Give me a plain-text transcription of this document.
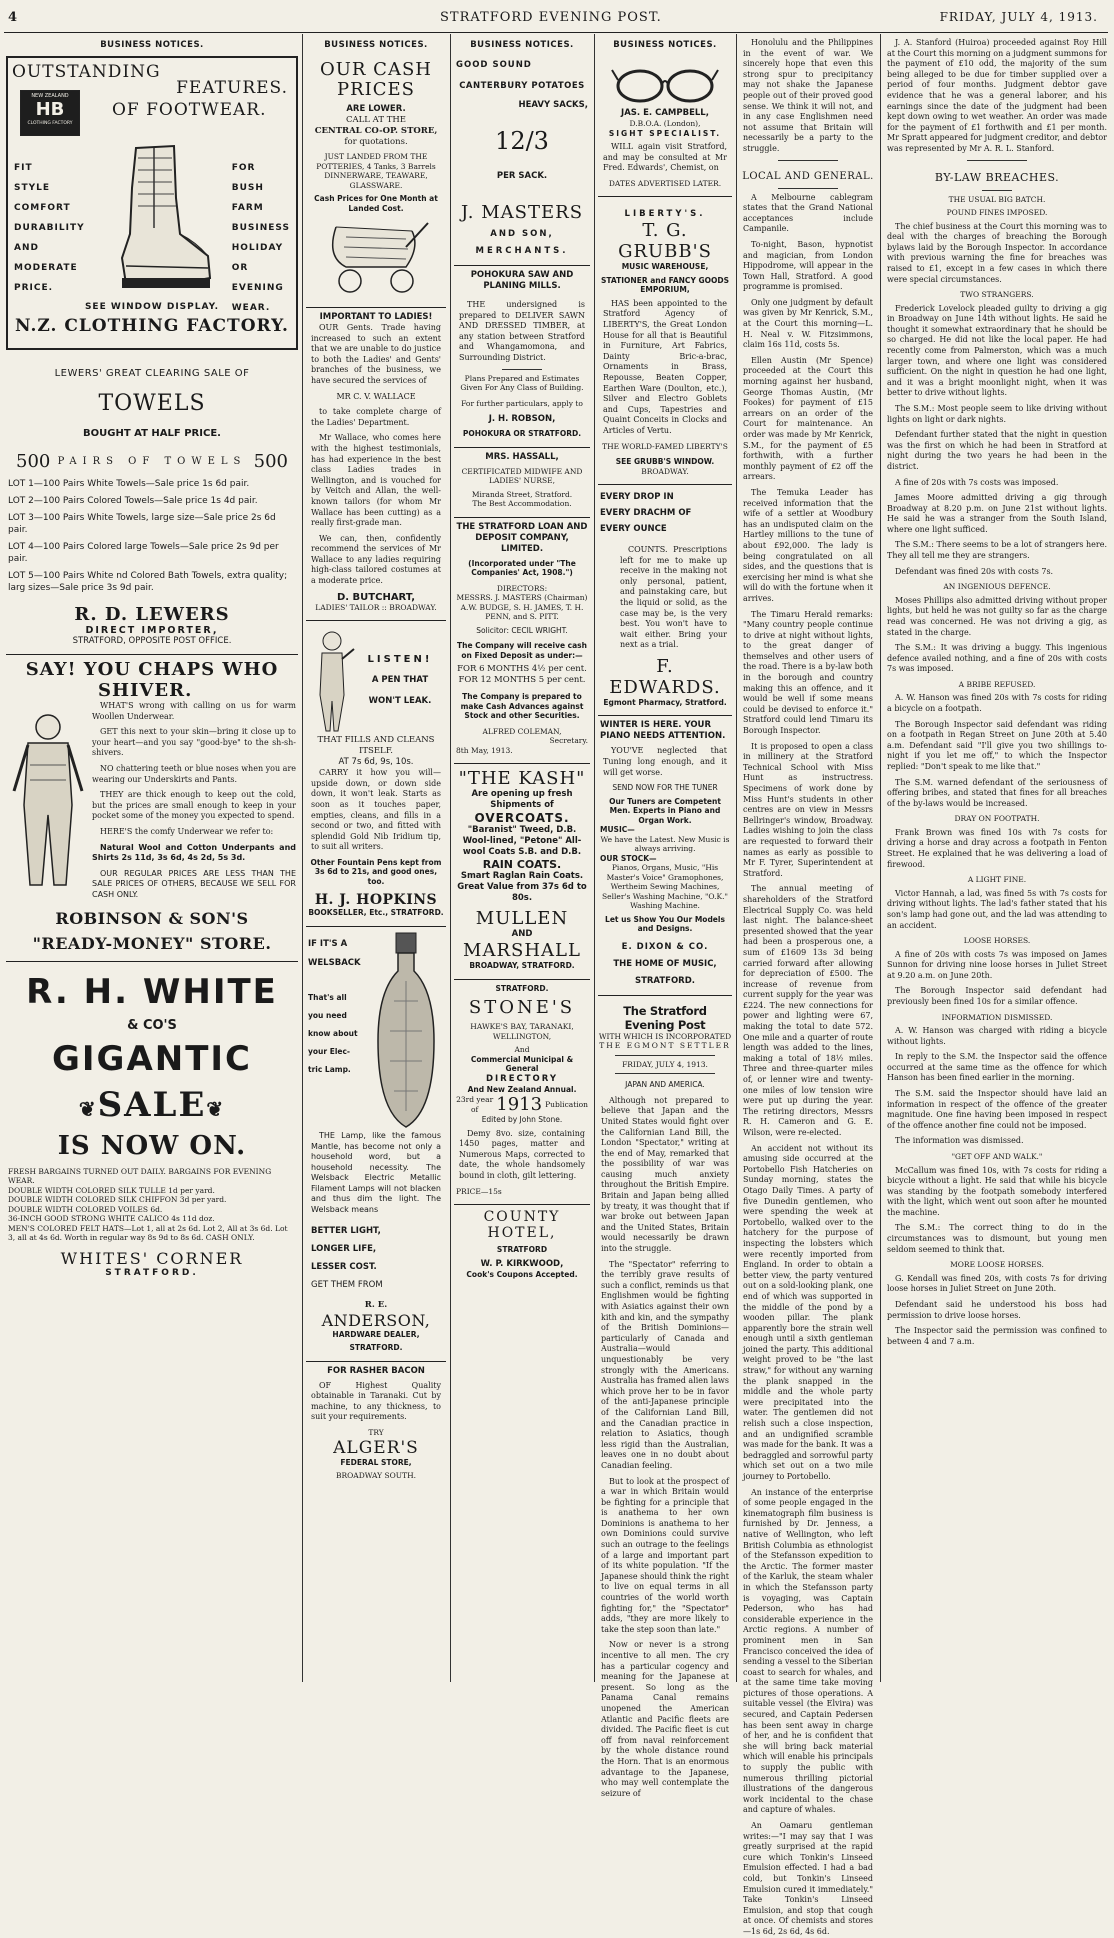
4	STRATFORD EVENING POST.	FRIDAY, JULY 4, 1913.
BUSINESS NOTICES.
OUTSTANDING
FEATURES.
OF FOOTWEAR.
NEW ZEALAND
HB
CLOTHING FACTORY
FIT
STYLE
COMFORT
DURABILITY
AND
MODERATE
PRICE.
FOR
BUSH
FARM
BUSINESS
HOLIDAY
OR
EVENING
WEAR.
SEE WINDOW DISPLAY.
N.Z. CLOTHING FACTORY.
LEWERS' GREAT CLEARING SALE OF
TOWELS
BOUGHT AT HALF PRICE.
500 PAIRS OF TOWELS 500
LOT 1—100 Pairs White Towels—Sale price 1s 6d pair.
LOT 2—100 Pairs Colored Towels—Sale price 1s 4d pair.
LOT 3—100 Pairs White Towels, large size—Sale price 2s 6d pair.
LOT 4—100 Pairs Colored large Towels—Sale price 2s 9d per pair.
LOT 5—100 Pairs White nd Colored Bath Towels, extra quality; larg sizes—Sale price 3s 9d pair.
R. D. LEWERS
DIRECT IMPORTER,
STRATFORD, OPPOSITE POST OFFICE.
SAY! YOU CHAPS WHO
SHIVER.

WHAT'S wrong with calling on us for warm Woollen Underwear.

GET this next to your skin—bring it close up to your heart—and you say "good-bye" to the sh-sh-shivers.

NO chattering teeth or blue noses when you are wearing our Underskirts and Pants.

THEY are thick enough to keep out the cold, but the prices are small enough to keep in your pocket some of the money you expected to spend.

HERE'S the comfy Underwear we refer to:

Natural Wool and Cotton Underpants and Shirts 2s 11d, 3s 6d, 4s 2d, 5s 3d.

OUR REGULAR PRICES ARE LESS THAN THE SALE PRICES OF OTHERS, BECAUSE WE SELL FOR CASH ONLY.

ROBINSON & SON'S
"READY-MONEY" STORE.
R. H. WHITE
& CO'S
GIGANTIC
❦SALE❦
IS NOW ON.
FRESH BARGAINS TURNED OUT DAILY. BARGAINS FOR EVENING WEAR.
DOUBLE WIDTH COLORED SILK TULLE 1d per yard.
DOUBLE WIDTH COLORED SILK CHIFFON 3d per yard.
DOUBLE WIDTH COLORED VOILES 6d.
36-INCH GOOD STRONG WHITE CALICO 4s 11d doz.
MEN'S COLORED FELT HATS—Lot 1, all at 2s 6d. Lot 2, All at 3s 6d. Lot 3, all at 4s 6d. Worth in regular way 8s 9d to 8s 6d. CASH ONLY.
WHITES' CORNER
STRATFORD.
BUSINESS NOTICES.
OUR CASH PRICES
ARE LOWER.
CALL AT THE
CENTRAL CO-OP. STORE,
for quotations.
JUST LANDED FROM THE POTTERIES, 4 Tanks, 3 Barrels DINNERWARE, TEAWARE, GLASSWARE.
Cash Prices for One Month at Landed Cost.
IMPORTANT TO LADIES!

OUR Gents. Trade having increased to such an extent that we are unable to do justice to both the Ladies' and Gents' branches of the business, we have secured the services of

MR C. V. WALLACE

to take complete charge of the Ladies' Department.

Mr Wallace, who comes here with the highest testimonials, has had experience in the best class Ladies trades in Wellington, and is vouched for by Veitch and Allan, the well-known tailors (for whom Mr Wallace has been cutting) as a really first-grade man.

We can, then, confidently recommend the services of Mr Wallace to any ladies requiring high-class tailored costumes at a moderate price.

D. BUTCHART,
LADIES' TAILOR :: BROADWAY.
LISTEN!
A PEN THAT
WON'T LEAK.
THAT FILLS AND CLEANS ITSELF.
AT 7s 6d, 9s, 10s.

CARRY it how you will—upside down, or down side down, it won't leak. Starts as soon as it touches paper, empties, cleans, and fills in a second or two, and fitted with splendid Gold Nib Iridium tip, to suit all writers.

Other Fountain Pens kept from 3s 6d to 21s, and good ones, too.
H. J. HOPKINS
BOOKSELLER, Etc., STRATFORD.
IF IT'S A
WELSBACK
That's all
you need
know about
your Elec-
tric Lamp.

THE Lamp, like the famous Mantle, has become not only a household word, but a household necessity. The Welsback Electric Metallic Filament Lamps will not blacken and thus dim the light. The Welsback means

BETTER LIGHT,
LONGER LIFE,
LESSER COST.
GET THEM FROM
R. E.
ANDERSON,
HARDWARE DEALER,
STRATFORD.
FOR RASHER BACON

OF Highest Quality obtainable in Taranaki. Cut by machine, to any thickness, to suit your requirements.

TRY
ALGER'S
FEDERAL STORE,
BROADWAY SOUTH.
BUSINESS NOTICES.
GOOD SOUND
CANTERBURY POTATOES
HEAVY SACKS,
12/3
PER SACK.
J. MASTERS
AND SON,
MERCHANTS.
POHOKURA SAW AND PLANING MILLS.

THE undersigned is prepared to DELIVER SAWN AND DRESSED TIMBER, at any station between Stratford and Whangamomona, and Surrounding District.

Plans Prepared and Estimates Given For Any Class of Building.
For further particulars, apply to
J. H. ROBSON,
POHOKURA OR STRATFORD.
MRS. HASSALL,
CERTIFICATED MIDWIFE AND LADIES' NURSE,
Miranda Street, Stratford.
The Best Accommodation.
THE STRATFORD LOAN AND DEPOSIT COMPANY, LIMITED.
(Incorporated under "The Companies' Act, 1908.")
DIRECTORS:
MESSRS. J. MASTERS (Chairman) A.W. BUDGE, S. H. JAMES, T. H. PENN, and S. PITT.
Solicitor: CECIL WRIGHT.
The Company will receive cash on Fixed Deposit as under:—
FOR 6 MONTHS 4½ per cent.
FOR 12 MONTHS 5 per cent.
The Company is prepared to make Cash Advances against Stock and other Securities.
ALFRED COLEMAN,
Secretary.
8th May, 1913.
"THE KASH"
Are opening up fresh Shipments of
OVERCOATS.
"Baranist" Tweed, D.B. Wool-lined, "Petone" All-wool Coats S.B. and D.B.
RAIN COATS.
Smart Raglan Rain Coats. Great Value from 37s 6d to 80s.
MULLEN
AND
MARSHALL
BROADWAY, STRATFORD.
STRATFORD.
STONE'S
HAWKE'S BAY, TARANAKI, WELLINGTON,
And
Commercial Municipal & General
DIRECTORY
And New Zealand Annual.
23rd year of	1913 Publication
Edited by John Stone.

Demy 8vo. size, containing 1450 pages, matter and Numerous Maps, corrected to date, the whole handsomely bound in cloth, gilt lettering.

PRICE—15s
COUNTY HOTEL,
STRATFORD
W. P. KIRKWOOD,
Cook's Coupons Accepted.
BUSINESS NOTICES.
JAS. E. CAMPBELL,
D.B.O.A. (London),
SIGHT SPECIALIST.

WILL again visit Stratford, and may be consulted at Mr Fred. Edwards', Chemist, on

DATES ADVERTISED LATER.
LIBERTY'S.
T. G. GRUBB'S
MUSIC WAREHOUSE,
STATIONER and FANCY GOODS EMPORIUM,

HAS been appointed to the Stratford Agency of LIBERTY'S, the Great London House for all that is Beautiful in Furniture, Art Fabrics, Dainty Bric-a-brac, Ornaments in Brass, Repousse, Beaten Copper, Earthen Ware (Doulton, etc.), Silver and Electro Goblets and Cups, Tapestries and Quaint Conceits in Clocks and Articles of Vertu.

THE WORLD-FAMED LIBERTY'S
SEE GRUBB'S WINDOW.
BROADWAY.
EVERY DROP IN
EVERY DRACHM OF
EVERY OUNCE

COUNTS. Prescriptions left for me to make up receive in the making not only personal, patient, and painstaking care, but the liquid or solid, as the case may be, is the very best. You won't have to wait either. Bring your next as a trial.

F. EDWARDS.
Egmont Pharmacy, Stratford.
WINTER IS HERE. YOUR PIANO NEEDS ATTENTION.

YOU'VE neglected that Tuning long enough, and it will get worse.

SEND NOW FOR THE TUNER
Our Tuners are Competent Men. Experts in Piano and Organ Work.
MUSIC—
We have the Latest. New Music is always arriving.
OUR STOCK—
Pianos, Organs, Music, "His Master's Voice" Gramophones, Wertheim Sewing Machines, Seller's Washing Machine, "O.K." Washing Machine.
Let us Show You Our Models and Designs.
E. DIXON & CO.
THE HOME OF MUSIC,
STRATFORD.
The Stratford Evening Post
WITH WHICH IS INCORPORATED
THE EGMONT SETTLER
FRIDAY, JULY 4, 1913.
JAPAN AND AMERICA.

Although not prepared to believe that Japan and the United States would fight over the Californian Land Bill, the London "Spectator," writing at the end of May, remarked that the possibility of war was causing much anxiety throughout the British Empire. Britain and Japan being allied by treaty, it was thought that if war broke out between Japan and the United States, Britain would necessarily be drawn into the struggle.

The "Spectator" referring to the terribly grave results of such a conflict, reminds us that Englishmen would be fighting with Asiatics against their own kith and kin, and the sympathy of the British Dominions—particularly of Canada and Australia—would unquestionably be very strongly with the Americans. Australia has framed alien laws which prove her to be in favor of the anti-Japanese principle of the Californian Land Bill, and the Canadian practice in relation to Asiatics, though less rigid than the Australian, leaves one in no doubt about Canadian feeling.

But to look at the prospect of a war in which Britain would be fighting for a principle that is anathema to her own Dominions is anathema to her own Dominions could survive such an outrage to the feelings of a large and important part of its white population. "If the Japanese should think the right to live on equal terms in all countries of the world worth fighting for," the "Spectator" adds, "they are more likely to take the step soon than late."

Now or never is a strong incentive to all men. The cry has a particular cogency and meaning for the Japanese at present. So long as the Panama Canal remains unopened the American Atlantic and Pacific fleets are divided. The Pacific fleet is cut off from naval reinforcement by the whole distance round the Horn. That is an enormous advantage to the Japanese, who may well contemplate the seizure of

Honolulu and the Philippines in the event of war. We sincerely hope that even this strong spur to precipitancy may not shake the Japanese people out of their proved good sense. We think it will not, and in any case Englishmen need not assume that Britain will necessarily be a party to the struggle.

LOCAL AND GENERAL.

A Melbourne cablegram states that the Grand National acceptances include Campanile.

To-night, Bason, hypnotist and magician, from London Hippodrome, will appear in the Town Hall, Stratford. A good programme is promised.

Only one judgment by default was given by Mr Kenrick, S.M., at the Court this morning—L. H. Neal v. W. Fitzsimmons, claim 16s 11d, costs 5s.

Ellen Austin (Mr Spence) proceeded at the Court this morning against her husband, George Thomas Austin, (Mr Fookes) for payment of £15 arrears on an order of the Court for maintenance. An order was made by Mr Kenrick, S.M., for the payment of £5 forthwith, with a further monthly payment of £2 off the arrears.

The Temuka Leader has received information that the wife of a settler at Woodbury has an undisputed claim on the Hartley millions to the tune of about £92,000. The lady is being congratulated on all sides, and the questions that is exercising her mind is what she will do with the fortune when it arrives.

The Timaru Herald remarks: "Many country people continue to drive at night without lights, to the great danger of themselves and other users of the road. There is a by-law both in the borough and country making this an offence, and it would be well if some means could be devised to enforce it." Stratford could lend Timaru its Borough Inspector.

It is proposed to open a class in millinery at the Stratford Technical School with Miss Hunt as instructress. Specimens of work done by Miss Hunt's students in other centres are on view in Messrs Bellringer's window, Broadway. Ladies wishing to join the class are requested to forward their names as early as possible to Mr F. Tyrer, Superintendent at Stratford.

The annual meeting of shareholders of the Stratford Electrical Supply Co. was held last night. The balance-sheet presented showed that the year had been a prosperous one, a sum of £1609 13s 3d being carried forward after allowing for depreciation of £500. The increase of revenue from current supply for the year was £224. The new connections for power and lighting were 67, making the total to date 572. One mile and a quarter of route length was added to the lines, making a total of 18½ miles. Three and three-quarter miles of, or lenner wire and twenty-one miles of low tension wire were put up during the year. The retiring directors, Messrs R. H. Cameron and G. E. Wilson, were re-elected.

An accident not without its amusing side occurred at the Portobello Fish Hatcheries on Sunday morning, states the Otago Daily Times. A party of five Dunedin gentlemen, who were spending the week at Portobello, walked over to the hatchery for the purpose of inspecting the lobsters which were recently imported from England. In order to obtain a better view, the party ventured out on a sold-looking plank, one end of which was supported in the middle of the pond by a wooden pillar. The plank apparently bore the strain well enough until a sixth gentleman joined the party. This additional weight proved to be "the last straw," for without any warning the plank snapped in the middle and the whole party were precipitated into the water. The gentlemen did not relish such a close inspection, and an undignified scramble was made for the bank. It was a bedraggled and sorrowful party which set out on a two mile journey to Portobello.

An instance of the enterprise of some people engaged in the kinematograph film business is furnished by Dr. Jenness, a native of Wellington, who left British Columbia as ethnologist of the Stefansson expedition to the Arctic. The former master of the Karluk, the steam whaler in which the Stefansson party is voyaging, was Captain Pederson, who has had considerable experience in the Arctic regions. A number of prominent men in San Francisco conceived the idea of sending a vessel to the Siberian coast to search for whales, and at the same time take moving pictures of those operations. A suitable vessel (the Elvira) was secured, and Captain Pedersen has been sent away in charge of her, and he is confident that she will bring back material which will enable his principals to supply the public with numerous thrilling pictorial illustrations of the dangerous work incidental to the chase and capture of whales.

An Oamaru gentleman writes:—"I may say that I was greatly surprised at the rapid cure which Tonkin's Linseed Emulsion effected. I had a bad cold, but Tonkin's Linseed Emulsion cured it immediately." Take Tonkin's Linseed Emulsion, and stop that cough at once. Of chemists and stores—1s 6d, 2s 6d, 4s 6d.

J. A. Stanford (Huiroa) proceeded against Roy Hill at the Court this morning on a judgment summons for the payment of £10 odd, the majority of the sum being alleged to be due for timber supplied over a period of four months. Judgment debtor gave evidence that he was a general laborer, and his earnings since the date of the judgment had been kept down owing to wet weather. An order was made for the payment of £1 forthwith and £1 per month. Mr Spratt appeared for judgment creditor, and debtor was represented by Mr A. R. L. Stanford.

BY-LAW BREACHES.
THE USUAL BIG BATCH.
POUND FINES IMPOSED.

The chief business at the Court this morning was to deal with the charges of breaching the Borough bylaws laid by the Borough Inspector. In accordance with previous warning the fine for breaches was raised to £1, except in a few cases in which there were special circumstances.

TWO STRANGERS.

Frederick Lovelock pleaded guilty to driving a gig in Broadway on June 14th without lights. He said he thought it somewhat extraordinary that he should be so charged. He did not like the local paper. He had recently come from Palmerston, which was a much larger town, and where one light was considered sufficient. On the night in question he had one light, and it was a bright moonlight night, when it was better to drive without lights.

The S.M.: Most people seem to like driving without lights on light or dark nights.

Defendant further stated that the night in question was the first on which he had been in Stratford at night during the two years he had been in the district.

A fine of 20s with 7s costs was imposed.

James Moore admitted driving a gig through Broadway at 8.20 p.m. on June 21st without lights. He said he was a stranger from the South Island, where one light sufficed.

The S.M.: There seems to be a lot of strangers here. They all tell me they are strangers.

Defendant was fined 20s with costs 7s.

AN INGENIOUS DEFENCE.

Moses Phillips also admitted driving without proper lights, but held he was not guilty so far as the charge read was concerned. He was not driving a gig, as stated in the charge.

The S.M.: It was driving a buggy. This ingenious defence availed nothing, and a fine of 20s with costs 7s was imposed.

A BRIBE REFUSED.

A. W. Hanson was fined 20s with 7s costs for riding a bicycle on a footpath.

The Borough Inspector said defendant was riding on a footpath in Regan Street on June 20th at 5.40 a.m. Defendant said "I'll give you two shillings to-night if you let me off," to which the Inspector replied: "Don't speak to me like that."

The S.M. warned defendant of the seriousness of offering bribes, and stated that fines for all breaches of the by-laws would be increased.

DRAY ON FOOTPATH.

Frank Brown was fined 10s with 7s costs for driving a horse and dray across a footpath in Fenton Street. He explained that he was delivering a load of firewood.

A LIGHT FINE.

Victor Hannah, a lad, was fined 5s with 7s costs for driving without lights. The lad's father stated that his son's lamp had gone out, and the lad was attending to an accident.

LOOSE HORSES.

A fine of 20s with costs 7s was imposed on James Sunnon for driving nine loose horses in Juliet Street at 9.20 a.m. on June 20th.

The Borough Inspector said defendant had previously been fined 10s for a similar offence.

INFORMATION DISMISSED.

A. W. Hanson was charged with riding a bicycle without lights.

In reply to the S.M. the Inspector said the offence occurred at the same time as the offence for which Hanson has been fined earlier in the morning.

The S.M. said the Inspector should have laid an information in respect of the offence of the greater magnitude. One fine having been imposed in respect of the offence another fine could not be imposed.

The information was dismissed.

"GET OFF AND WALK."

McCallum was fined 10s, with 7s costs for riding a bicycle without a light. He said that while his bicycle was standing by the footpath somebody interfered with the light, which went out soon after he mounted the machine.

The S.M.: The correct thing to do in the circumstances was to dismount, but young men seldom seemed to think that.

MORE LOOSE HORSES.

G. Kendall was fined 20s, with costs 7s for driving loose horses in Juliet Street on June 20th.

Defendant said he understood his boss had permission to drive loose horses.

The Inspector said the permission was confined to between 4 and 7 a.m.
